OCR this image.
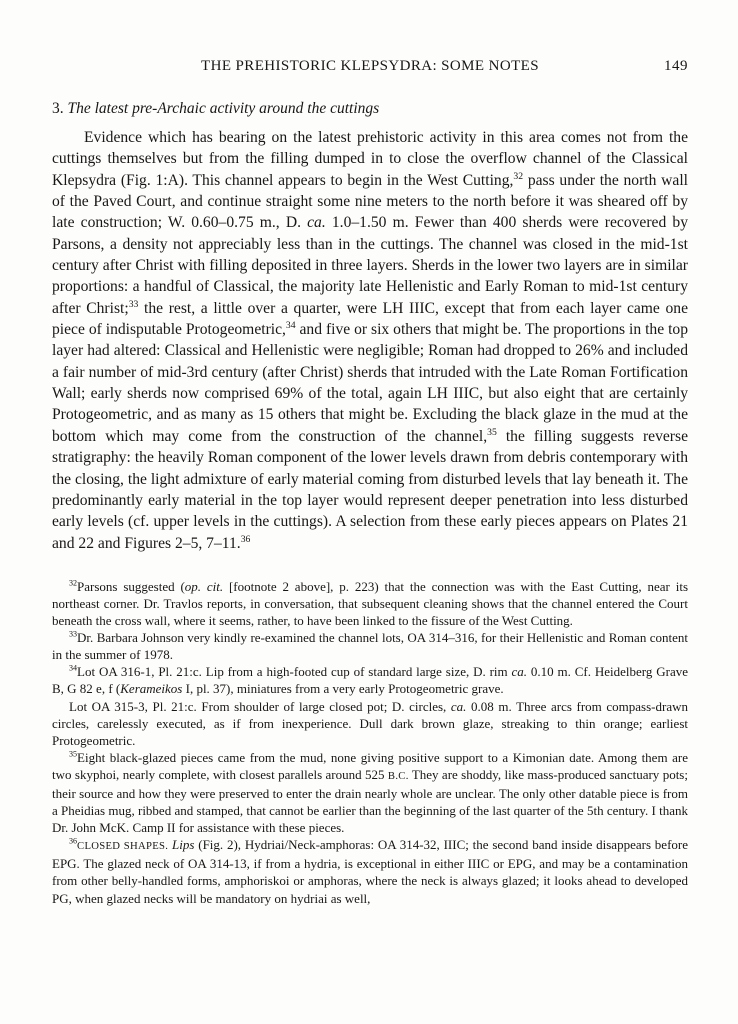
THE PREHISTORIC KLEPSYDRA: SOME NOTES	149
3. The latest pre-Archaic activity around the cuttings

Evidence which has bearing on the latest prehistoric activity in this area comes not from the cuttings themselves but from the filling dumped in to close the overflow channel of the Classical Klepsydra (Fig. 1:A). This channel appears to begin in the West Cutting,$^{32}$ pass under the north wall of the Paved Court, and continue straight some nine meters to the north before it was sheared off by late construction; W. 0.60–0.75 m., D. ca. 1.0–1.50 m. Fewer than 400 sherds were recovered by Parsons, a density not appreciably less than in the cuttings. The channel was closed in the mid-1st century after Christ with filling deposited in three layers. Sherds in the lower two layers are in similar proportions: a handful of Classical, the majority late Hellenistic and Early Roman to mid-1st century after Christ;$^{33}$ the rest, a little over a quarter, were LH IIIC, except that from each layer came one piece of indisputable Protogeometric,$^{34}$ and five or six others that might be. The proportions in the top layer had altered: Classical and Hellenistic were negligible; Roman had dropped to 26% and included a fair number of mid-3rd century (after Christ) sherds that intruded with the Late Roman Fortification Wall; early sherds now comprised 69% of the total, again LH IIIC, but also eight that are certainly Protogeometric, and as many as 15 others that might be. Excluding the black glaze in the mud at the bottom which may come from the construction of the channel,$^{35}$ the filling suggests reverse stratigraphy: the heavily Roman component of the lower levels drawn from debris contemporary with the closing, the light admixture of early material coming from disturbed levels that lay beneath it. The predominantly early material in the top layer would represent deeper penetration into less disturbed early levels (cf. upper levels in the cuttings). A selection from these early pieces appears on Plates 21 and 22 and Figures 2–5, 7–11.36

$^{32}$Parsons suggested (op. cit. [footnote 2 above], p. 223) that the connection was with the East Cutting, near its northeast corner. Dr. Travlos reports, in conversation, that subsequent cleaning shows that the channel entered the Court beneath the cross wall, where it seems, rather, to have been linked to the fissure of the West Cutting.

$^{33}$Dr. Barbara Johnson very kindly re-examined the channel lots, OA 314–316, for their Hellenistic and Roman content in the summer of 1978.

$^{34}$Lot OA 316-1, Pl. 21:c. Lip from a high-footed cup of standard large size, D. rim ca. 0.10 m. Cf. Heidelberg Grave B, G 82 e, f (Kerameikos I, pl. 37), miniatures from a very early Protogeometric grave.

Lot OA 315-3, Pl. 21:c. From shoulder of large closed pot; D. circles, ca. 0.08 m. Three arcs from compass-drawn circles, carelessly executed, as if from inexperience. Dull dark brown glaze, streaking to thin orange; earliest Protogeometric.

$^{35}$Eight black-glazed pieces came from the mud, none giving positive support to a Kimonian date. Among them are two skyphoi, nearly complete, with closest parallels around 525 B.C. They are shoddy, like mass-produced sanctuary pots; their source and how they were preserved to enter the drain nearly whole are unclear. The only other datable piece is from a Pheidias mug, ribbed and stamped, that cannot be earlier than the beginning of the last quarter of the 5th century. I thank Dr. John McK. Camp II for assistance with these pieces.

$^{36}$CLOSED SHAPES. Lips (Fig. 2), Hydriai/Neck-amphoras: OA 314-32, IIIC; the second band inside disappears before EPG. The glazed neck of OA 314-13, if from a hydria, is exceptional in either IIIC or EPG, and may be a contamination from other belly-handled forms, amphoriskoi or amphoras, where the neck is always glazed; it looks ahead to developed PG, when glazed necks will be mandatory on hydriai as well,
